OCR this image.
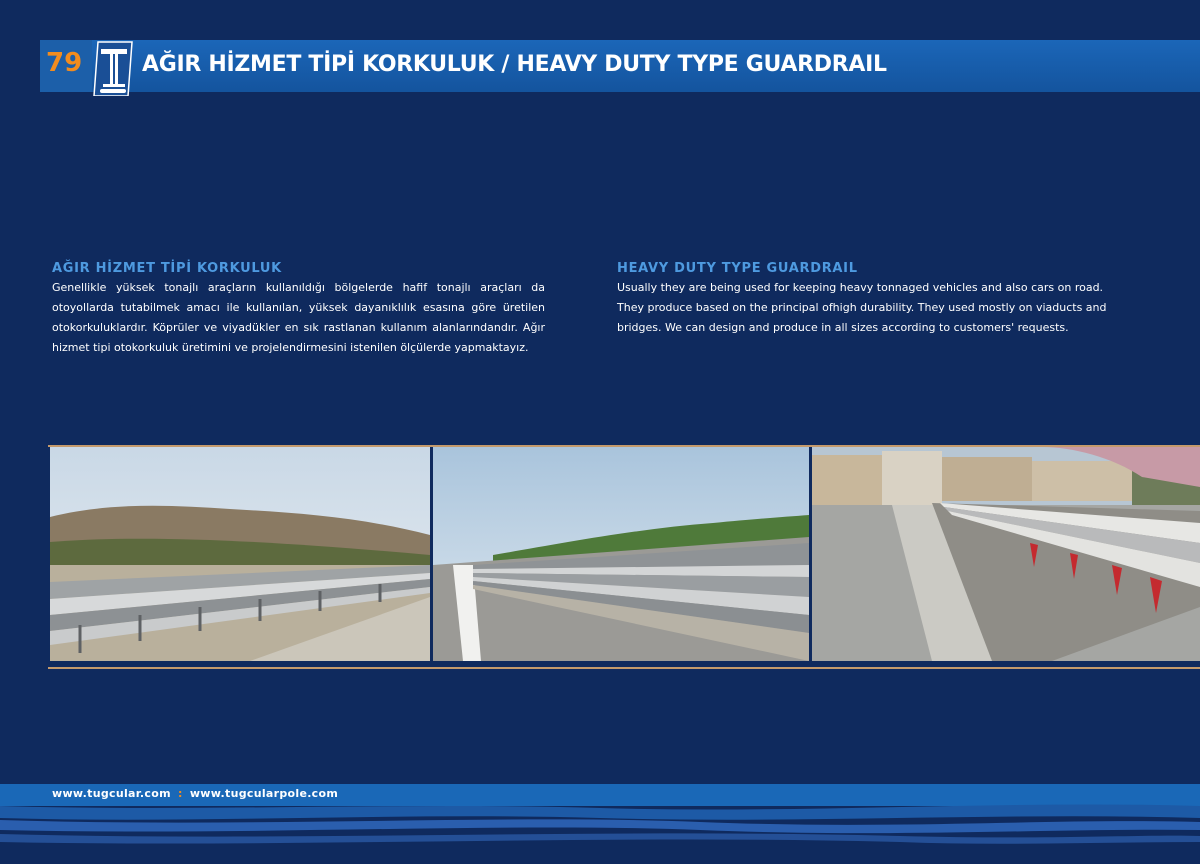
79	AĞIR HİZMET TİPİ KORKULUK / HEAVY DUTY TYPE GUARDRAIL
AĞIR HİZMET TİPİ KORKULUK
Genellikle yüksek tonajlı araçların kullanıldığı bölgelerde hafif tonajlı araçları da otoyollarda tutabilmek amacı ile kullanılan, yüksek dayanıklılık esasına göre üretilen otokorkuluklardır. Köprüler ve viyadükler en sık rastlanan kullanım alanlarındandır. Ağır hizmet tipi otokorkuluk üretimini ve projelendirmesini istenilen ölçülerde yapmaktayız.
HEAVY DUTY TYPE GUARDRAIL
Usually they are being used for keeping heavy tonnaged vehicles and also cars on road. They produce based on the principal ofhigh durability. They used mostly on viaducts and bridges. We can design and produce in all sizes according to customers' requests.
www.tugcular.com : www.tugcularpole.com
